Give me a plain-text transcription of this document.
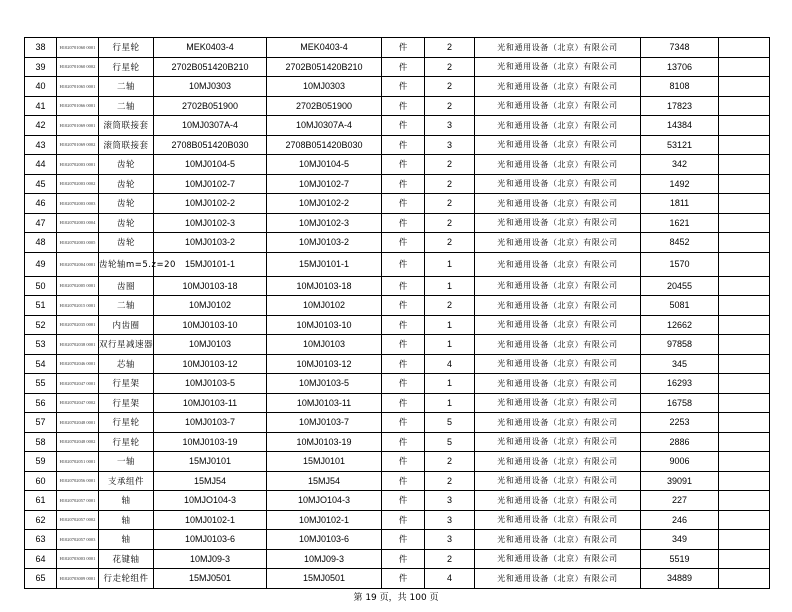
38	H1020701060 0001	行星轮	MEK0403-4	MEK0403-4	件	2	光和通用设备（北京）有限公司	7348	
39	H1020701060 0002	行星轮	2702B051420B210	2702B051420B210	件	2	光和通用设备（北京）有限公司	13706	
40	H1020701065 0001	二轴	10MJ0303	10MJ0303	件	2	光和通用设备（北京）有限公司	8108	
41	H1020701066 0001	二轴	2702B051900	2702B051900	件	2	光和通用设备（北京）有限公司	17823	
42	H1020701069 0001	滚筒联接套	10MJ0307A-4	10MJ0307A-4	件	3	光和通用设备（北京）有限公司	14384	
43	H1020701069 0002	滚筒联接套	2708B051420B030	2708B051420B030	件	3	光和通用设备（北京）有限公司	53121	
44	H1020702003 0001	齿轮	10MJ0104-5	10MJ0104-5	件	2	光和通用设备（北京）有限公司	342	
45	H1020702003 0002	齿轮	10MJ0102-7	10MJ0102-7	件	2	光和通用设备（北京）有限公司	1492	
46	H1020702003 0003	齿轮	10MJ0102-2	10MJ0102-2	件	2	光和通用设备（北京）有限公司	1811	
47	H1020702003 0004	齿轮	10MJ0102-3	10MJ0102-3	件	2	光和通用设备（北京）有限公司	1621	
48	H1020702003 0005	齿轮	10MJ0103-2	10MJ0103-2	件	2	光和通用设备（北京）有限公司	8452	
49	H1020702004 0001	齿轮轴m=5.z=20	15MJ0101-1	15MJ0101-1	件	1	光和通用设备（北京）有限公司	1570	
50	H1020702005 0001	齿圈	10MJ0103-18	10MJ0103-18	件	1	光和通用设备（北京）有限公司	20455	
51	H1020702015 0001	二轴	10MJ0102	10MJ0102	件	2	光和通用设备（北京）有限公司	5081	
52	H1020702035 0001	内齿圈	10MJ0103-10	10MJ0103-10	件	1	光和通用设备（北京）有限公司	12662	
53	H1020702038 0001	双行星减速器	10MJ0103	10MJ0103	件	1	光和通用设备（北京）有限公司	97858	
54	H1020702046 0001	芯轴	10MJ0103-12	10MJ0103-12	件	4	光和通用设备（北京）有限公司	345	
55	H1020702047 0001	行星架	10MJ0103-5	10MJ0103-5	件	1	光和通用设备（北京）有限公司	16293	
56	H1020702047 0002	行星架	10MJ0103-11	10MJ0103-11	件	1	光和通用设备（北京）有限公司	16758	
57	H1020702048 0001	行星轮	10MJ0103-7	10MJ0103-7	件	5	光和通用设备（北京）有限公司	2253	
58	H1020702048 0002	行星轮	10MJ0103-19	10MJ0103-19	件	5	光和通用设备（北京）有限公司	2886	
59	H1020702051 0001	一轴	15MJ0101	15MJ0101	件	2	光和通用设备（北京）有限公司	9006	
60	H1020702056 0001	支承组件	15MJ54	15MJ54	件	2	光和通用设备（北京）有限公司	39091	
61	H1020702057 0001	轴	10MJO104-3	10MJO104-3	件	3	光和通用设备（北京）有限公司	227	
62	H1020702057 0002	轴	10MJ0102-1	10MJ0102-1	件	3	光和通用设备（北京）有限公司	246	
63	H1020702057 0003	轴	10MJ0103-6	10MJ0103-6	件	3	光和通用设备（北京）有限公司	349	
64	H1020703003 0001	花键轴	10MJ09-3	10MJ09-3	件	2	光和通用设备（北京）有限公司	5519	
65	H1020703009 0001	行走轮组件	15MJ0501	15MJ0501	件	4	光和通用设备（北京）有限公司	34889	
第 19 页，共 100 页
